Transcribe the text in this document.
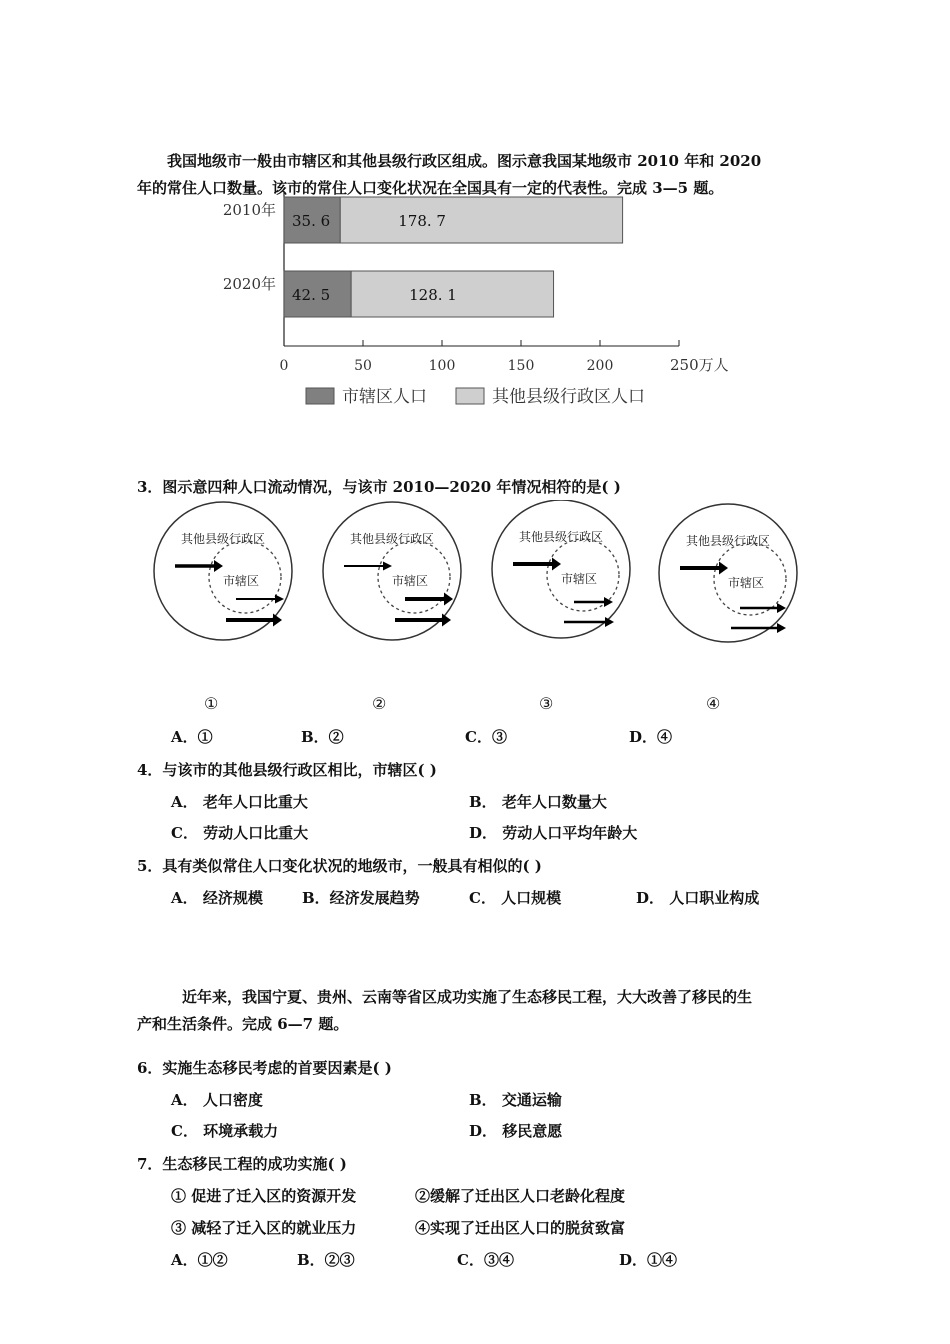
我国地级市一般由市辖区和其他县级行政区组成。图示意我国某地级市 2010 年和 2020
年的常住人口数量。该市的常住人口变化状况在全国具有一定的代表性。完成 3—5 题。
0	50	100	150	200	250万人
2010年
35. 6	178. 7
2020年
42. 5	128. 1
市辖区人口	其他县级行政区人口
3．图示意四种人口流动情况，与该市 2010—2020 年情况相符的是( )
其他县级行政区
市辖区
其他县级行政区
市辖区
其他县级行政区
市辖区
其他县级行政区
市辖区
①	②	③	④
A．①	B．②	C．③	D．④
4．与该市的其他县级行政区相比，市辖区( )
A． 老年人口比重大	B． 老年人口数量大
C． 劳动人口比重大	D． 劳动人口平均年龄大
5．具有类似常住人口变化状况的地级市，一般具有相似的( )
A． 经济规模	B．经济发展趋势	C． 人口规模	D． 人口职业构成
近年来，我国宁夏、贵州、云南等省区成功实施了生态移民工程，大大改善了移民的生
产和生活条件。完成 6—7 题。
6．实施生态移民考虑的首要因素是( )
A． 人口密度	B． 交通运输
C． 环境承载力	D． 移民意愿
7．生态移民工程的成功实施( )
① 促进了迁入区的资源开发	②缓解了迁出区人口老龄化程度
③ 减轻了迁入区的就业压力	④实现了迁出区人口的脱贫致富
A．①②	B．②③	C．③④	D．①④
